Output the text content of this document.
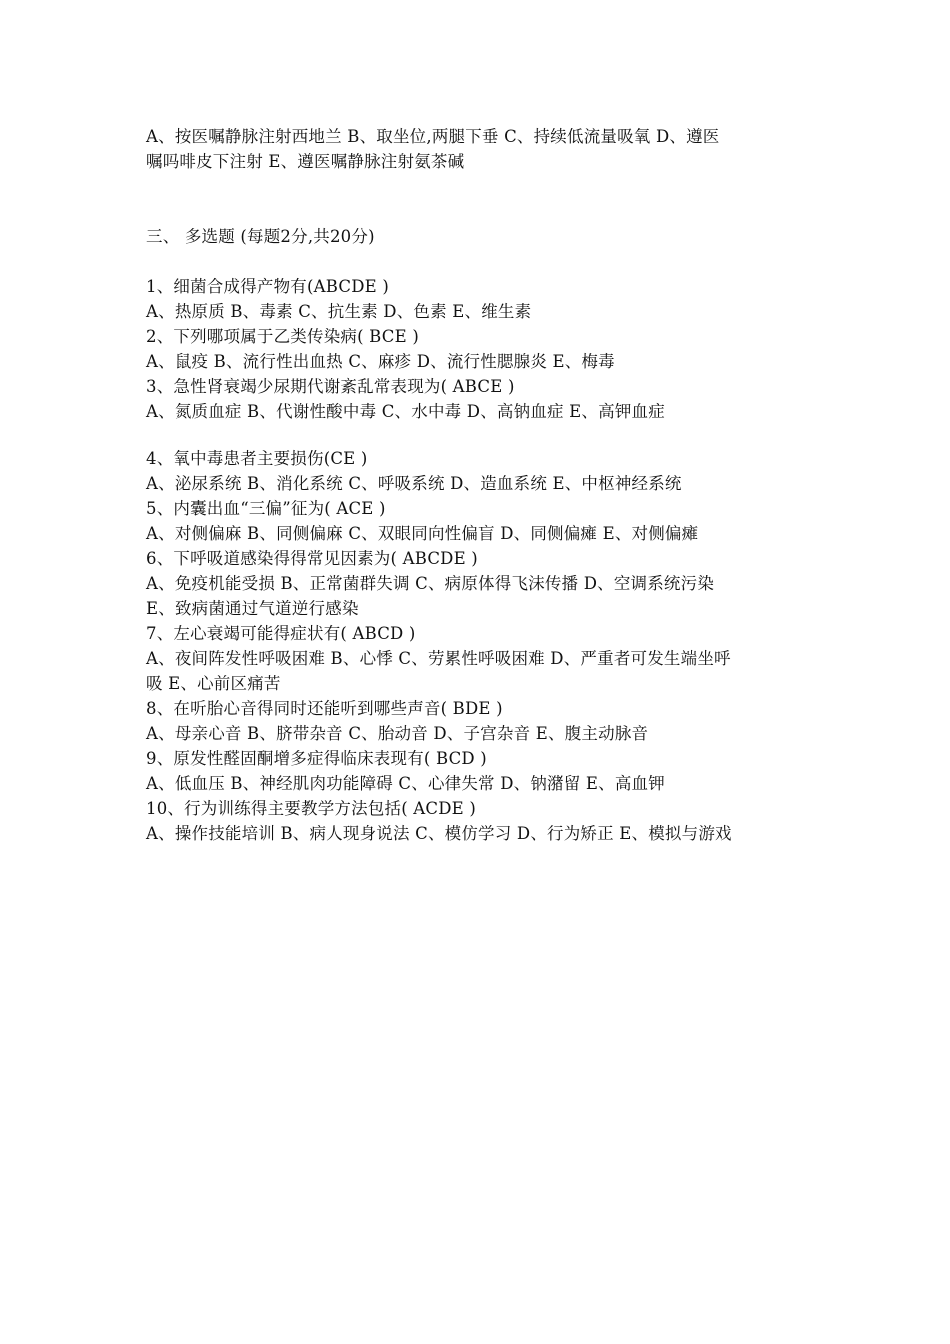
A、按医嘱静脉注射西地兰 B、取坐位,两腿下垂 C、持续低流量吸氧 D、遵医
嘱吗啡皮下注射 E、遵医嘱静脉注射氨茶碱
三、 多选题 (每题2分,共20分)
1、细菌合成得产物有(ABCDE )
A、热原质 B、毒素 C、抗生素 D、色素 E、维生素
2、下列哪项属于乙类传染病( BCE )
A、鼠疫 B、流行性出血热 C、麻疹 D、流行性腮腺炎 E、梅毒
3、急性肾衰竭少尿期代谢紊乱常表现为( ABCE )
A、氮质血症 B、代谢性酸中毒 C、水中毒 D、高钠血症 E、高钾血症
4、氧中毒患者主要损伤(CE )
A、泌尿系统 B、消化系统 C、呼吸系统 D、造血系统 E、中枢神经系统
5、内囊出血“三偏”征为( ACE )
A、对侧偏麻 B、同侧偏麻 C、双眼同向性偏盲 D、同侧偏瘫 E、对侧偏瘫
6、下呼吸道感染得得常见因素为( ABCDE )
A、免疫机能受损 B、正常菌群失调 C、病原体得飞沫传播 D、空调系统污染
E、致病菌通过气道逆行感染
7、左心衰竭可能得症状有( ABCD )
A、夜间阵发性呼吸困难 B、心悸 C、劳累性呼吸困难 D、严重者可发生端坐呼
吸 E、心前区痛苦
8、在听胎心音得同时还能听到哪些声音( BDE )
A、母亲心音 B、脐带杂音 C、胎动音 D、子宫杂音 E、腹主动脉音
9、原发性醛固酮增多症得临床表现有( BCD )
A、低血压 B、神经肌肉功能障碍 C、心律失常 D、钠潴留 E、高血钾
10、行为训练得主要教学方法包括( ACDE )
A、操作技能培训 B、病人现身说法 C、模仿学习 D、行为矫正 E、模拟与游戏
